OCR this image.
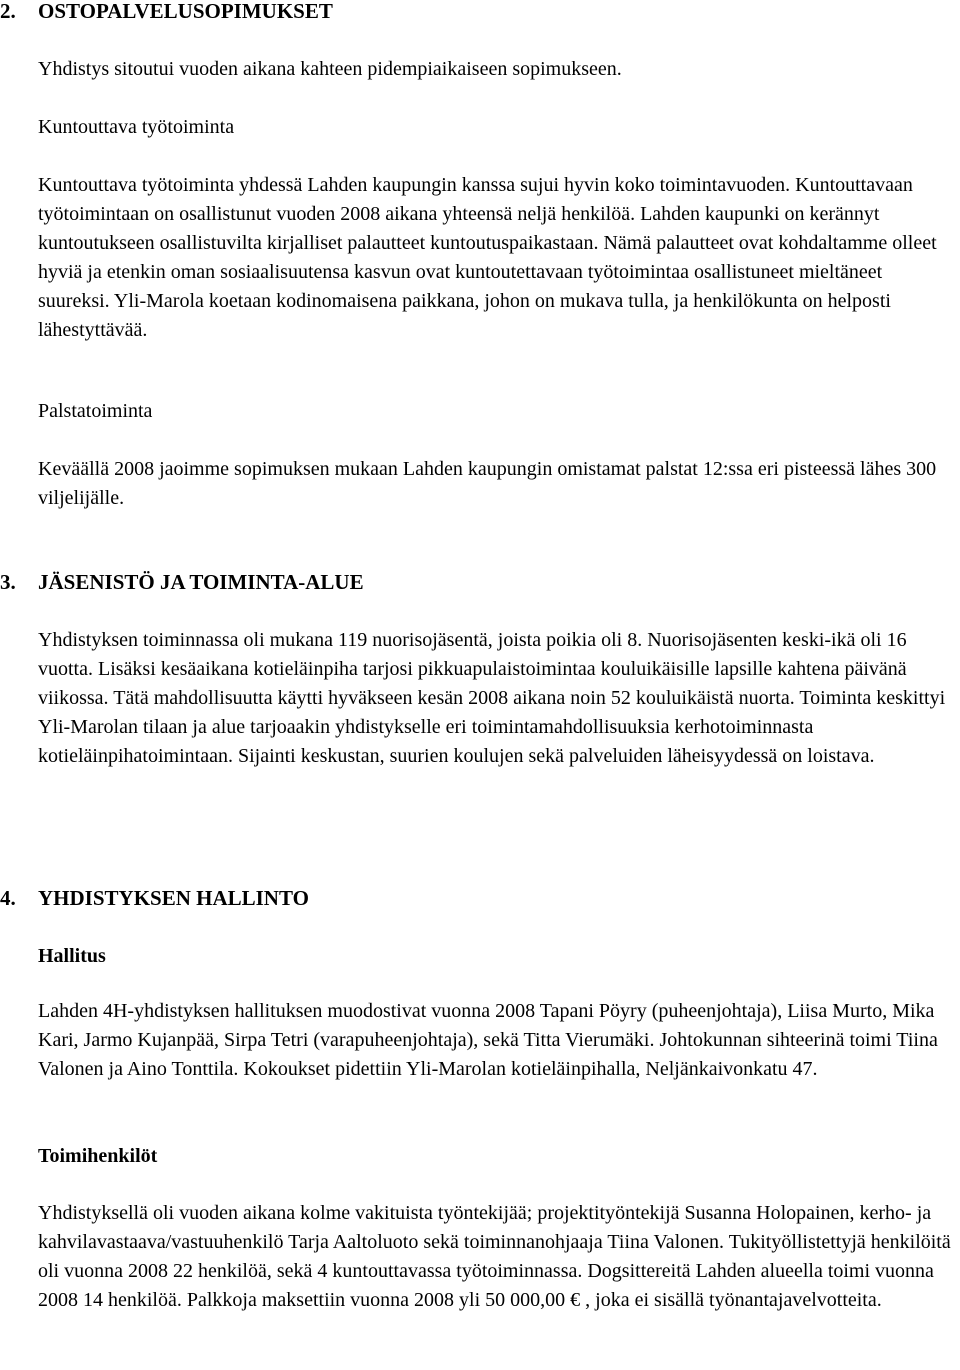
2. OSTOPALVELUSOPIMUKSET

Yhdistys sitoutui vuoden aikana kahteen pidempiaikaiseen sopimukseen.

Kuntouttava työtoiminta

Kuntouttava työtoiminta yhdessä Lahden kaupungin kanssa sujui hyvin koko toimintavuoden. Kuntouttavaan työtoimintaan on osallistunut vuoden 2008 aikana yhteensä neljä henkilöä. Lahden kaupunki on kerännyt kuntoutukseen osallistuvilta kirjalliset palautteet kuntoutuspaikastaan. Nämä palautteet ovat kohdaltamme olleet hyviä ja etenkin oman sosiaalisuutensa kasvun ovat kuntoutettavaan työtoimintaa osallistuneet mieltäneet suureksi. Yli-Marola koetaan kodinomaisena paikkana, johon on mukava tulla, ja henkilökunta on helposti lähestyttävää.

Palstatoiminta

Keväällä 2008 jaoimme sopimuksen mukaan Lahden kaupungin omistamat palstat 12:ssa eri pisteessä lähes 300 viljelijälle.

3. JÄSENISTÖ JA TOIMINTA-ALUE

Yhdistyksen toiminnassa oli mukana 119 nuorisojäsentä, joista poikia oli 8. Nuorisojäsenten keski-ikä oli 16 vuotta. Lisäksi kesäaikana kotieläinpiha tarjosi pikkuapulaistoimintaa kouluikäisille lapsille kahtena päivänä viikossa. Tätä mahdollisuutta käytti hyväkseen kesän 2008 aikana noin 52 kouluikäistä nuorta. Toiminta keskittyi Yli-Marolan tilaan ja alue tarjoaakin yhdistykselle eri toimintamahdollisuuksia kerhotoiminnasta kotieläinpihatoimintaan. Sijainti keskustan, suurien koulujen sekä palveluiden läheisyydessä on loistava.

4. YHDISTYKSEN HALLINTO

Hallitus

Lahden 4H-yhdistyksen hallituksen muodostivat vuonna 2008 Tapani Pöyry (puheenjohtaja), Liisa Murto, Mika Kari, Jarmo Kujanpää, Sirpa Tetri (varapuheenjohtaja), sekä Titta Vierumäki. Johtokunnan sihteerinä toimi Tiina Valonen ja Aino Tonttila. Kokoukset pidettiin Yli-Marolan kotieläinpihalla, Neljänkaivonkatu 47.

Toimihenkilöt

Yhdistyksellä oli vuoden aikana kolme vakituista työntekijää; projektityöntekijä Susanna Holopainen, kerho- ja kahvilavastaava/vastuuhenkilö Tarja Aaltoluoto sekä toiminnanohjaaja Tiina Valonen. Tukityöllistettyjä henkilöitä oli vuonna 2008 22 henkilöä, sekä 4 kuntouttavassa työtoiminnassa. Dogsittereitä Lahden alueella toimi vuonna 2008 14 henkilöä. Palkkoja maksettiin vuonna 2008 yli 50 000,00 € , joka ei sisällä työnantajavelvotteita.
